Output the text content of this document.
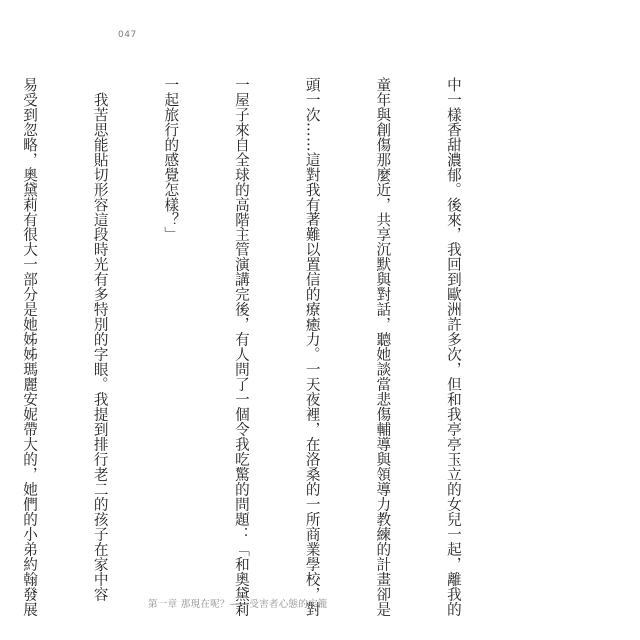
047

中一樣香甜濃郁。後來，我回到歐洲許多次，但和我亭亭玉立的女兒一起，離我的

童年與創傷那麼近，共享沉默與對話，聽她談當悲傷輔導與領導力教練的計畫卻是

頭一次……這對我有著難以置信的療癒力。一天夜裡，在洛桑的一所商業學校，對

一屋子來自全球的高階主管演講完後，有人問了一個令我吃驚的問題：「和奧黛莉

一起旅行的感覺怎樣？」

　我苦思能貼切形容這段時光有多特別的字眼。我提到排行老二的孩子在家中容

易受到忽略，奧黛莉有很大一部分是她姊姊瑪麗安妮帶大的，她們的小弟約翰發展

	第一章 那現在呢？——受害者心態的牢籠
